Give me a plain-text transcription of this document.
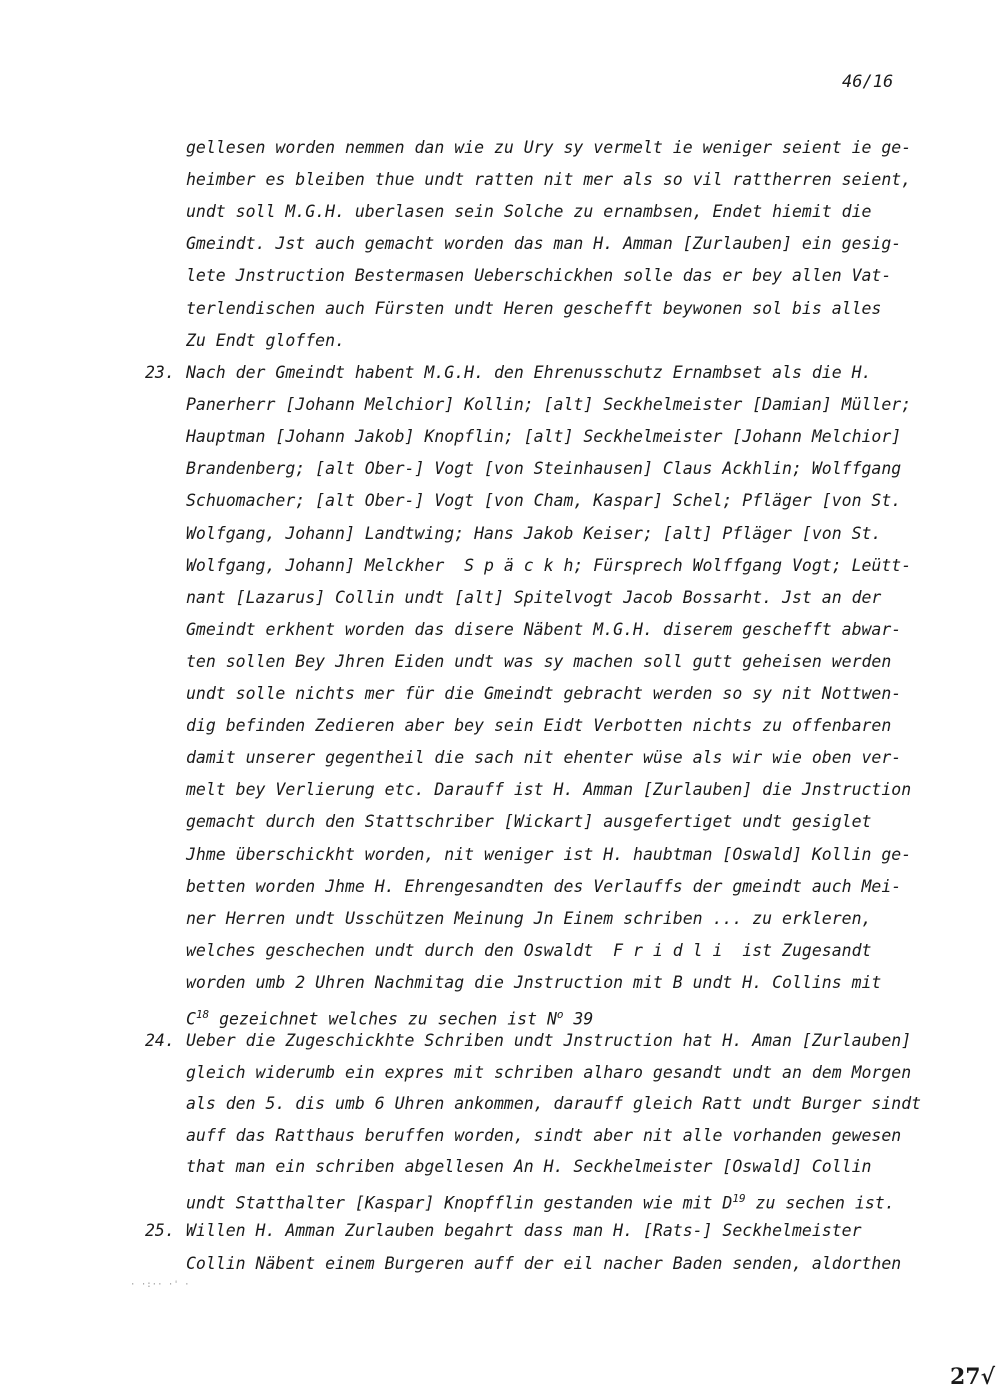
46/16
gellesen worden nemmen dan wie zu Ury sy vermelt ie weniger seient ie ge-
heimber es bleiben thue undt ratten nit mer als so vil rattherren seient,
undt soll M.G.H. uberlasen sein Solche zu ernambsen, Endet hiemit die
Gmeindt. Jst auch gemacht worden das man H. Amman [Zurlauben] ein gesig-
lete Jnstruction Bestermasen Ueberschickhen solle das er bey allen Vat-
terlendischen auch Fürsten undt Heren geschefft beywonen sol bis alles
Zu Endt gloffen.
23. Nach der Gmeindt habent M.G.H. den Ehrenusschutz Ernambset als die H.
Panerherr [Johann Melchior] Kollin; [alt] Seckhelmeister [Damian] Müller;
Hauptman [Johann Jakob] Knopflin; [alt] Seckhelmeister [Johann Melchior]
Brandenberg; [alt Ober-] Vogt [von Steinhausen] Claus Ackhlin; Wolffgang
Schuomacher; [alt Ober-] Vogt [von Cham, Kaspar] Schel; Pfläger [von St.
Wolfgang, Johann] Landtwing; Hans Jakob Keiser; [alt] Pfläger [von St.
Wolfgang, Johann] Melckher  S p ä c k h; Fürsprech Wolffgang Vogt; Leütt-
nant [Lazarus] Collin undt [alt] Spitelvogt Jacob Bossarht. Jst an der
Gmeindt erkhent worden das disere Näbent M.G.H. diserem geschefft abwar-
ten sollen Bey Jhren Eiden undt was sy machen soll gutt geheisen werden
undt solle nichts mer für die Gmeindt gebracht werden so sy nit Nottwen-
dig befinden Zedieren aber bey sein Eidt Verbotten nichts zu offenbaren
damit unserer gegentheil die sach nit ehenter wüse als wir wie oben ver-
melt bey Verlierung etc. Darauff ist H. Amman [Zurlauben] die Jnstruction
gemacht durch den Stattschriber [Wickart] ausgefertiget undt gesiglet
Jhme überschickht worden, nit weniger ist H. haubtman [Oswald] Kollin ge-
betten worden Jhme H. Ehrengesandten des Verlauffs der gmeindt auch Mei-
ner Herren undt Usschützen Meinung Jn Einem schriben ... zu erkleren,
welches geschechen undt durch den Oswaldt  F r i d l i  ist Zugesandt
worden umb 2 Uhren Nachmitag die Jnstruction mit B undt H. Collins mit
$C^{18}$ gezeichnet welches zu sechen ist $N^o$ 39
24. Ueber die Zugeschickhte Schriben undt Jnstruction hat H. Aman [Zurlauben]
gleich widerumb ein expres mit schriben alharo gesandt undt an dem Morgen
als den 5. dis umb 6 Uhren ankommen, darauff gleich Ratt undt Burger sindt
auff das Ratthaus beruffen worden, sindt aber nit alle vorhanden gewesen
that man ein schriben abgellesen An H. Seckhelmeister [Oswald] Collin
undt Statthalter [Kaspar] Knopfflin gestanden wie mit $D^{19}$ zu sechen ist.
25. Willen H. Amman Zurlauben begahrt dass man H. [Rats-] Seckhelmeister
Collin Näbent einem Burgeren auff der eil nacher Baden senden, aldorthen
· ·:·· ·' ·
27√
